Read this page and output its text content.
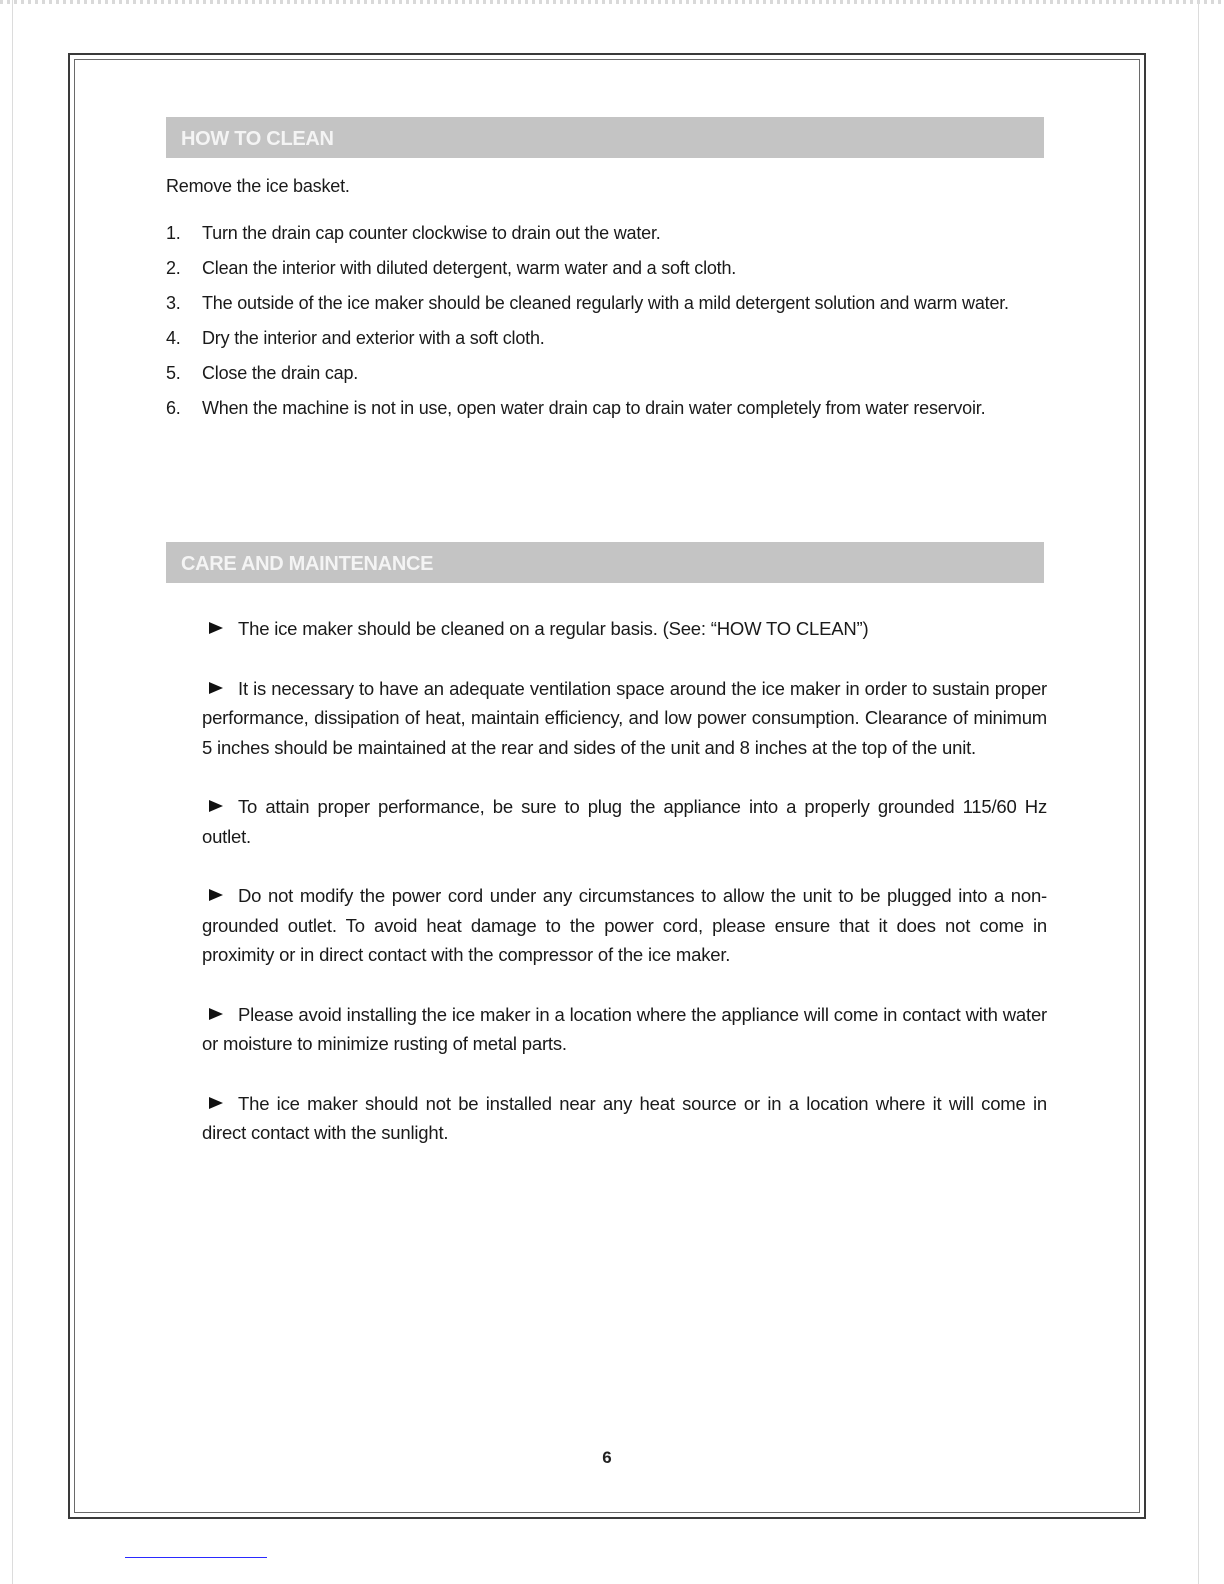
HOW TO CLEAN
Remove the ice basket.
1. Turn the drain cap counter clockwise to drain out the water.
2. Clean the interior with diluted detergent, warm water and a soft cloth.
3. The outside of the ice maker should be cleaned regularly with a mild detergent solution and warm water.
4. Dry the interior and exterior with a soft cloth.
5. Close the drain cap.
6. When the machine is not in use, open water drain cap to drain water completely from water reservoir.
CARE AND MAINTENANCE
The ice maker should be cleaned on a regular basis. (See: “HOW TO CLEAN”)
It is necessary to have an adequate ventilation space around the ice maker in order to sustain proper performance, dissipation of heat, maintain efficiency, and low power consumption. Clearance of minimum 5 inches should be maintained at the rear and sides of the unit and 8 inches at the top of the unit.
To attain proper performance, be sure to plug the appliance into a properly grounded 115/60 Hz outlet.
Do not modify the power cord under any circumstances to allow the unit to be plugged into a non-grounded outlet. To avoid heat damage to the power cord, please ensure that it does not come in proximity or in direct contact with the compressor of the ice maker.
Please avoid installing the ice maker in a location where the appliance will come in contact with water or moisture to minimize rusting of metal parts.
The ice maker should not be installed near any heat source or in a location where it will come in direct contact with the sunlight.
6
